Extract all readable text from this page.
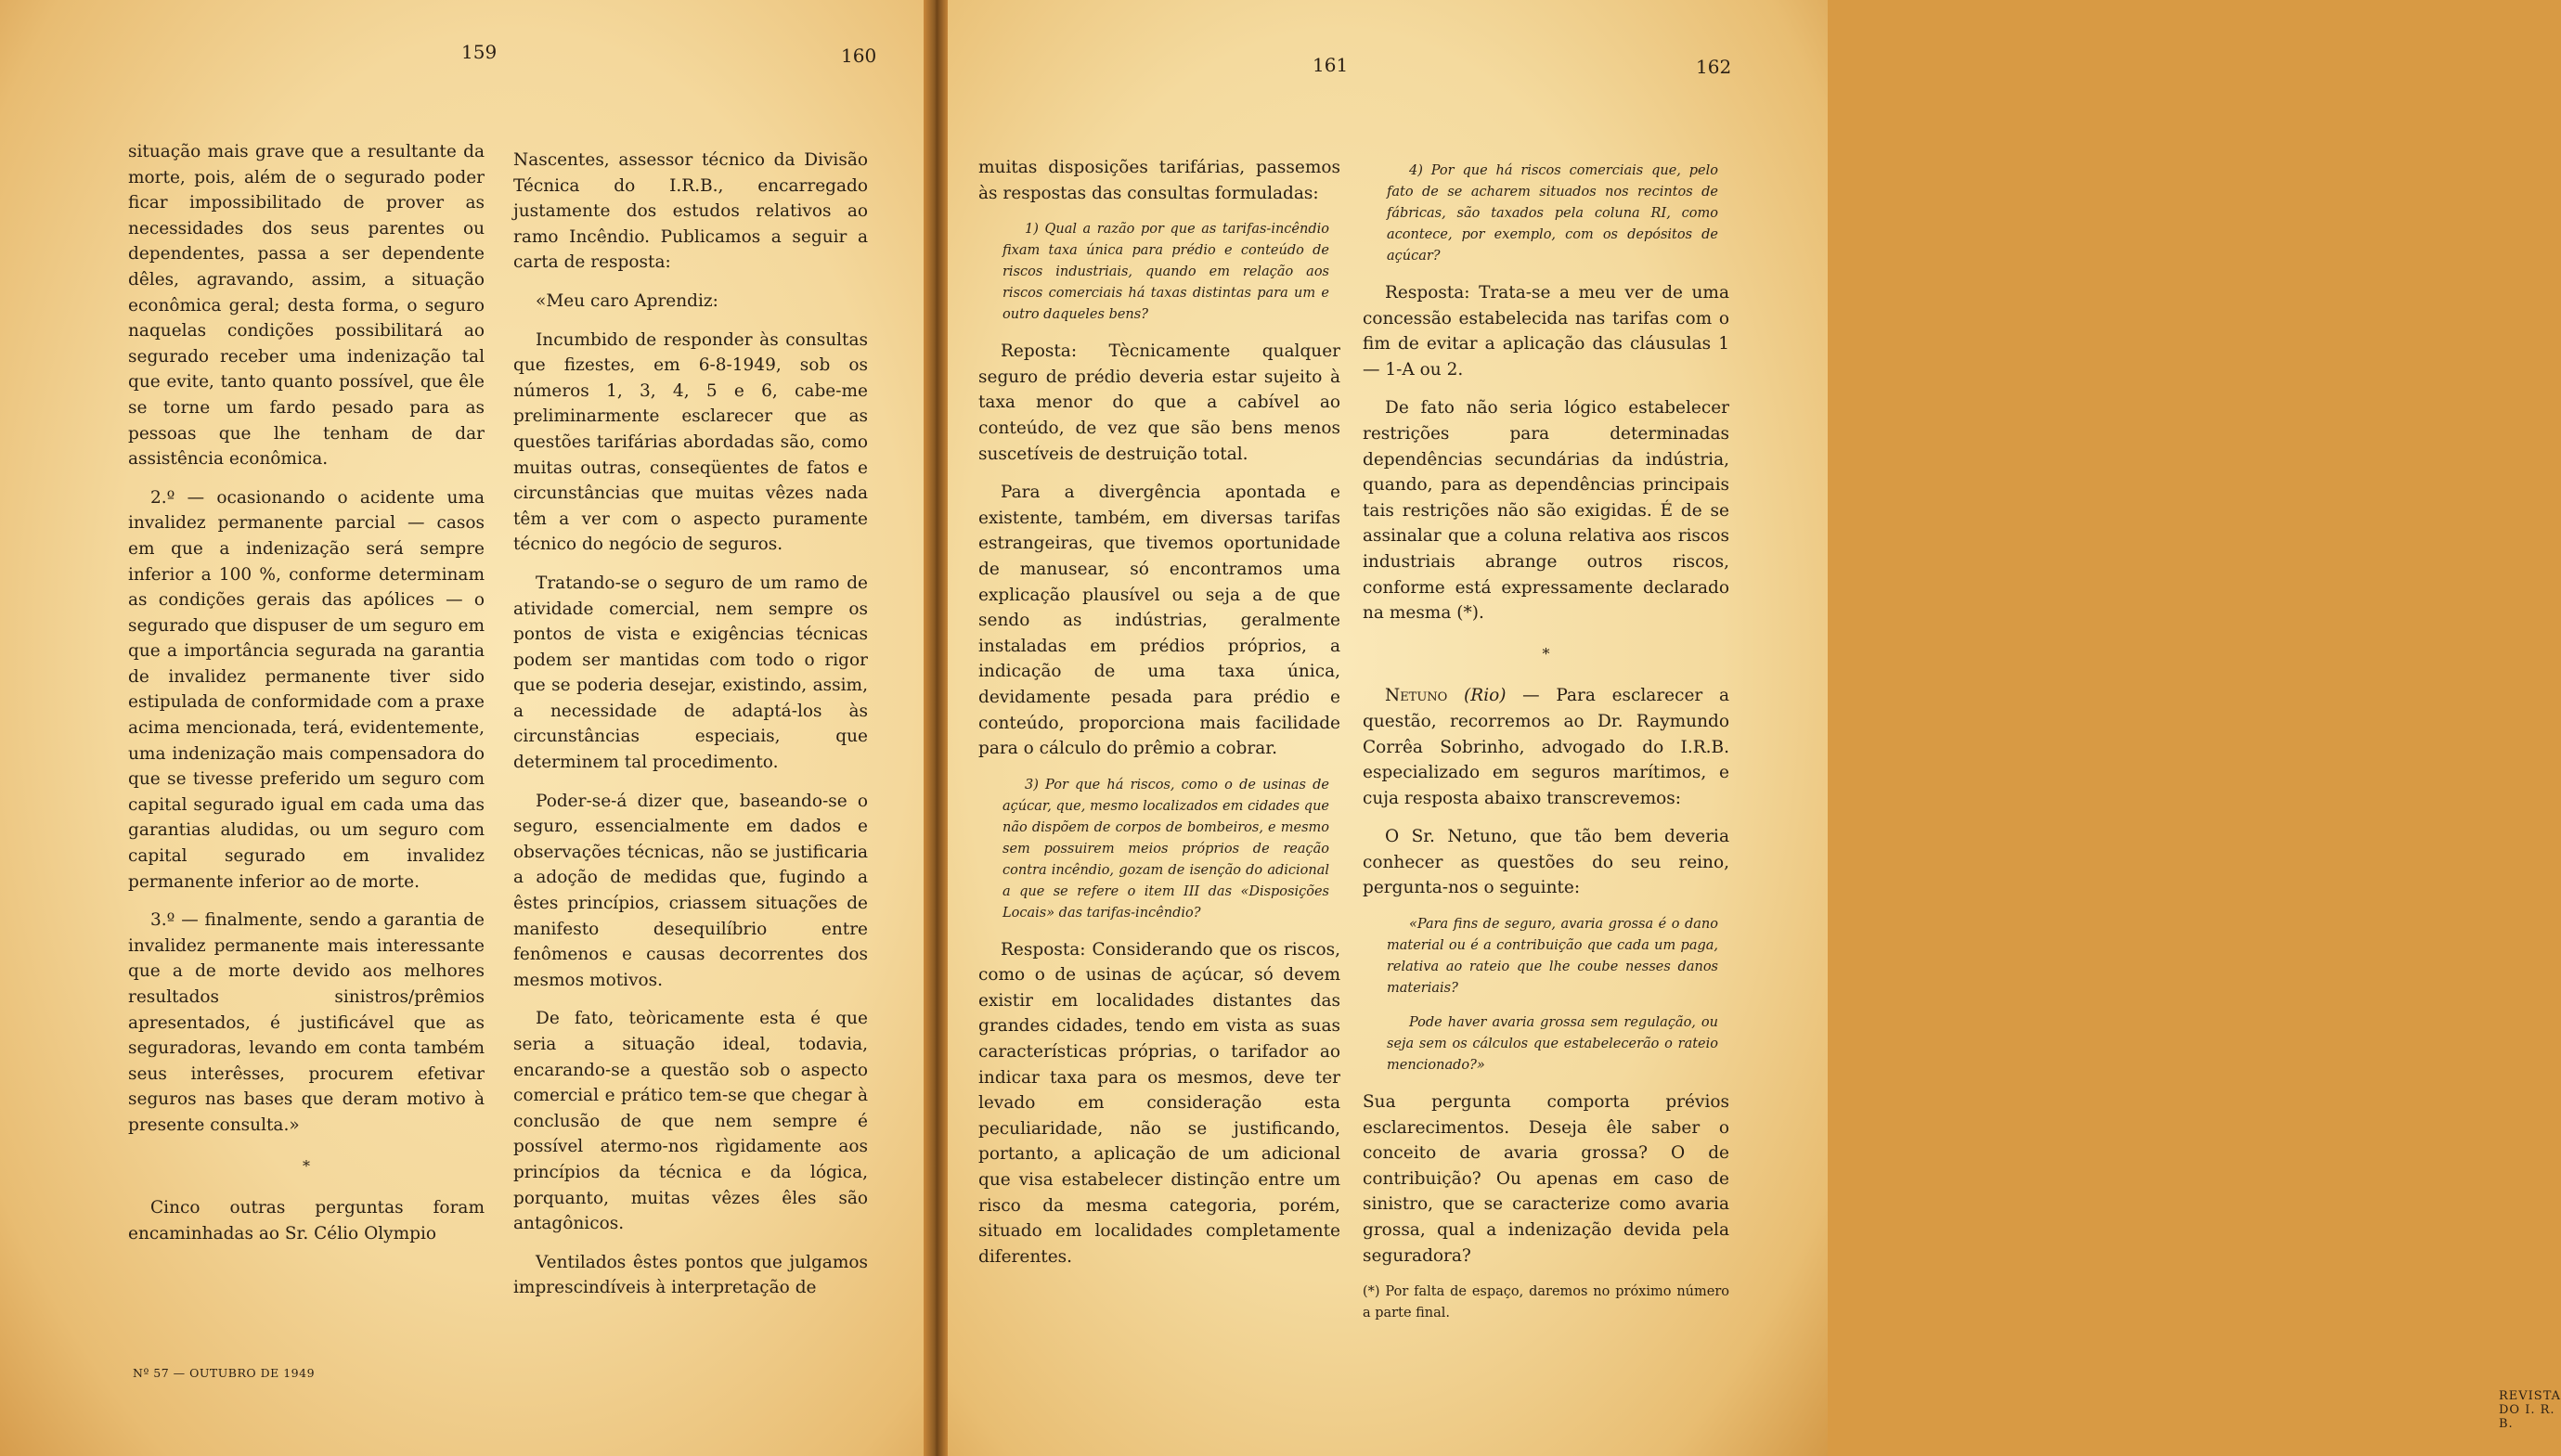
159	160

situação mais grave que a resultante da morte, pois, além de o segurado poder ficar impossibilitado de prover as necessidades dos seus parentes ou dependentes, passa a ser dependente dêles, agravando, assim, a situação econômica geral; desta forma, o seguro naquelas condições possibilitará ao segurado receber uma indenização tal que evite, tanto quanto possível, que êle se torne um fardo pesado para as pessoas que lhe tenham de dar assistência econômica.

2.º — ocasionando o acidente uma invalidez permanente parcial — casos em que a indenização será sempre inferior a 100 %, conforme determinam as condições gerais das apólices — o segurado que dispuser de um seguro em que a importância segurada na garantia de invalidez permanente tiver sido estipulada de conformidade com a praxe acima mencionada, terá, evidentemente, uma indenização mais compensadora do que se tivesse preferido um seguro com capital segurado igual em cada uma das garantias aludidas, ou um seguro com capital segurado em invalidez permanente inferior ao de morte.

3.º — finalmente, sendo a garantia de invalidez permanente mais interessante que a de morte devido aos melhores resultados sinistros/prêmios apresentados, é justificável que as seguradoras, levando em conta também seus interêsses, procurem efetivar seguros nas bases que deram motivo à presente consulta.»

*

Cinco outras perguntas foram encaminhadas ao Sr. Célio Olympio

Nascentes, assessor técnico da Divisão Técnica do I.R.B., encarregado justamente dos estudos relativos ao ramo Incêndio. Publicamos a seguir a carta de resposta:

«Meu caro Aprendiz:

Incumbido de responder às consultas que fizestes, em 6-8-1949, sob os números 1, 3, 4, 5 e 6, cabe-me preliminarmente esclarecer que as questões tarifárias abordadas são, como muitas outras, conseqüentes de fatos e circunstâncias que muitas vêzes nada têm a ver com o aspecto puramente técnico do negócio de seguros.

Tratando-se o seguro de um ramo de atividade comercial, nem sempre os pontos de vista e exigências técnicas podem ser mantidas com todo o rigor que se poderia desejar, existindo, assim, a necessidade de adaptá-los às circunstâncias especiais, que determinem tal procedimento.

Poder-se-á dizer que, baseando-se o seguro, essencialmente em dados e observações técnicas, não se justificaria a adoção de medidas que, fugindo a êstes princípios, criassem situações de manifesto desequilíbrio entre fenômenos e causas decorrentes dos mesmos motivos.

De fato, teòricamente esta é que seria a situação ideal, todavia, encarando-se a questão sob o aspecto comercial e prático tem-se que chegar à conclusão de que nem sempre é possível atermo-nos rìgidamente aos princípios da técnica e da lógica, porquanto, muitas vêzes êles são antagônicos.

Ventilados êstes pontos que julgamos imprescindíveis à interpretação de

Nº 57 — OUTUBRO DE 1949
161	162

muitas disposições tarifárias, passemos às respostas das consultas formuladas:

1) Qual a razão por que as tarifas-incêndio fixam taxa única para prédio e conteúdo de riscos industriais, quando em relação aos riscos comerciais há taxas distintas para um e outro daqueles bens?

Reposta: Tècnicamente qualquer seguro de prédio deveria estar sujeito à taxa menor do que a cabível ao conteúdo, de vez que são bens menos suscetíveis de destruição total.

Para a divergência apontada e existente, também, em diversas tarifas estrangeiras, que tivemos oportunidade de manusear, só encontramos uma explicação plausível ou seja a de que sendo as indústrias, geralmente instaladas em prédios próprios, a indicação de uma taxa única, devidamente pesada para prédio e conteúdo, proporciona mais facilidade para o cálculo do prêmio a cobrar.

3) Por que há riscos, como o de usinas de açúcar, que, mesmo localizados em cidades que não dispõem de corpos de bombeiros, e mesmo sem possuirem meios próprios de reação contra incêndio, gozam de isenção do adicional a que se refere o item III das «Disposições Locais» das tarifas-incêndio?

Resposta: Considerando que os riscos, como o de usinas de açúcar, só devem existir em localidades distantes das grandes cidades, tendo em vista as suas características próprias, o tarifador ao indicar taxa para os mesmos, deve ter levado em consideração esta peculiaridade, não se justificando, portanto, a aplicação de um adicional que visa estabelecer distinção entre um risco da mesma categoria, porém, situado em localidades completamente diferentes.

4) Por que há riscos comerciais que, pelo fato de se acharem situados nos recintos de fábricas, são taxados pela coluna RI, como acontece, por exemplo, com os depósitos de açúcar?

Resposta: Trata-se a meu ver de uma concessão estabelecida nas tarifas com o fim de evitar a aplicação das cláusulas 1 — 1-A ou 2.

De fato não seria lógico estabelecer restrições para determinadas dependências secundárias da indústria, quando, para as dependências principais tais restrições não são exigidas. É de se assinalar que a coluna relativa aos riscos industriais abrange outros riscos, conforme está expressamente declarado na mesma (*).

*

Netuno (Rio) — Para esclarecer a questão, recorremos ao Dr. Raymundo Corrêa Sobrinho, advogado do I.R.B. especializado em seguros marítimos, e cuja resposta abaixo transcrevemos:

O Sr. Netuno, que tão bem deveria conhecer as questões do seu reino, pergunta-nos o seguinte:

«Para fins de seguro, avaria grossa é o dano material ou é a contribuição que cada um paga, relativa ao rateio que lhe coube nesses danos materiais?
Pode haver avaria grossa sem regulação, ou seja sem os cálculos que estabelecerão o rateio mencionado?»

Sua pergunta comporta prévios esclarecimentos. Deseja êle saber o conceito de avaria grossa? O de contribuição? Ou apenas em caso de sinistro, que se caracterize como avaria grossa, qual a indenização devida pela seguradora?

(*) Por falta de espaço, daremos no próximo número a parte final.
REVISTA DO I. R. B.
